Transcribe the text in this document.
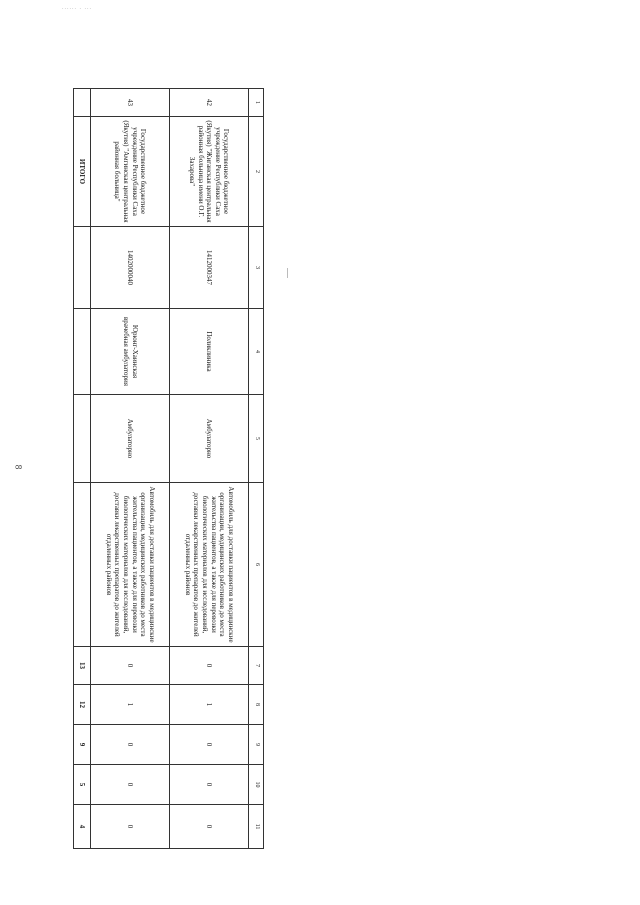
...... . ...
8
1	2	3	4	5	6	7	8	9	10	11
42	Государственное бюджетное учреждение Республики Саха (Якутия) "Жиганская центральная районная больница имени О.Г. Захарова"	1412000347	Поликлиника	Амбулаторно	Автомобиль для доставки пациентов в медицинские организации, медицинских работников до места жительства пациентов, а также для перевозки биологических материалов для исследований, доставки лекарственных препаратов до жителей отдаленных районов	0	1	0	0	0
43	Государственное бюджетное учреждение Республики Саха (Якутия) "Амгинская центральная районная больница"	1402000040	Юрюнг-Хаинская врачебная амбулатория	Амбулаторно	Автомобиль для доставки пациентов в медицинские организации, медицинских работников до места жительства пациентов, а также для перевозки биологических материалов для исследований, доставки лекарственных препаратов до жителей отдаленных районов	0	1	0	0	0
	ИТОГО					13	12	9	5	4
